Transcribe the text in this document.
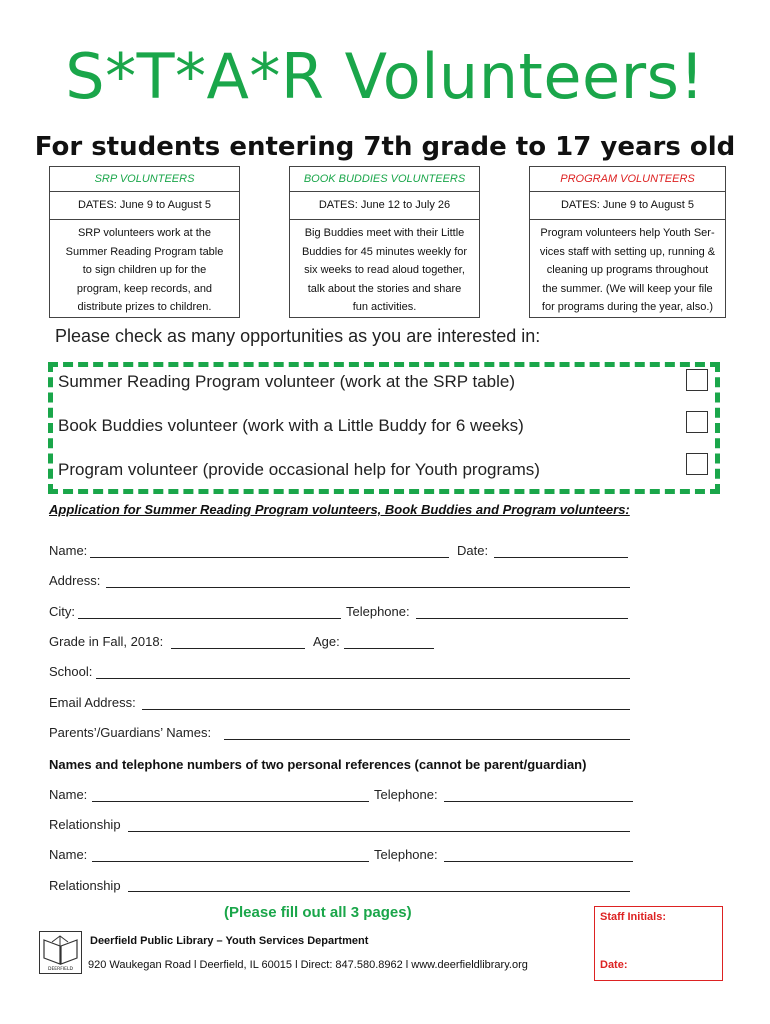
S*T*A*R Volunteers!
For students entering 7th grade to 17 years old
SRP VOLUNTEERS
DATES: June 9 to August 5
SRP volunteers work at the
Summer Reading Program table
to sign children up for the
program, keep records, and
distribute prizes to children.
BOOK BUDDIES VOLUNTEERS
DATES: June 12 to July 26
Big Buddies meet with their Little
Buddies for 45 minutes weekly for
six weeks to read aloud together,
talk about the stories and share
fun activities.
PROGRAM VOLUNTEERS
DATES: June 9 to August 5
Program volunteers help Youth Ser-
vices staff with setting up, running &
cleaning up programs throughout
the summer. (We will keep your file
for programs during the year, also.)
Please check as many opportunities as you are interested in:
Summer Reading Program volunteer (work at the SRP table)
Book Buddies volunteer (work with a Little Buddy for 6 weeks)
Program volunteer (provide occasional help for Youth programs)
Application for Summer Reading Program volunteers, Book Buddies and Program volunteers:
Name:	Date:
Address:
City:	Telephone:
Grade in Fall, 2018:	Age:
School:
Email Address:
Parents’/Guardians’ Names:
Names and telephone numbers of two personal references (cannot be parent/guardian)
Name:	Telephone:
Relationship
Name:	Telephone:
Relationship
(Please fill out all 3 pages)
DEERFIELD
Deerfield Public Library – Youth Services Department
920 Waukegan Road l Deerfield, IL 60015 l Direct: 847.580.8962 l www.deerfieldlibrary.org
Staff Initials:
Date:
